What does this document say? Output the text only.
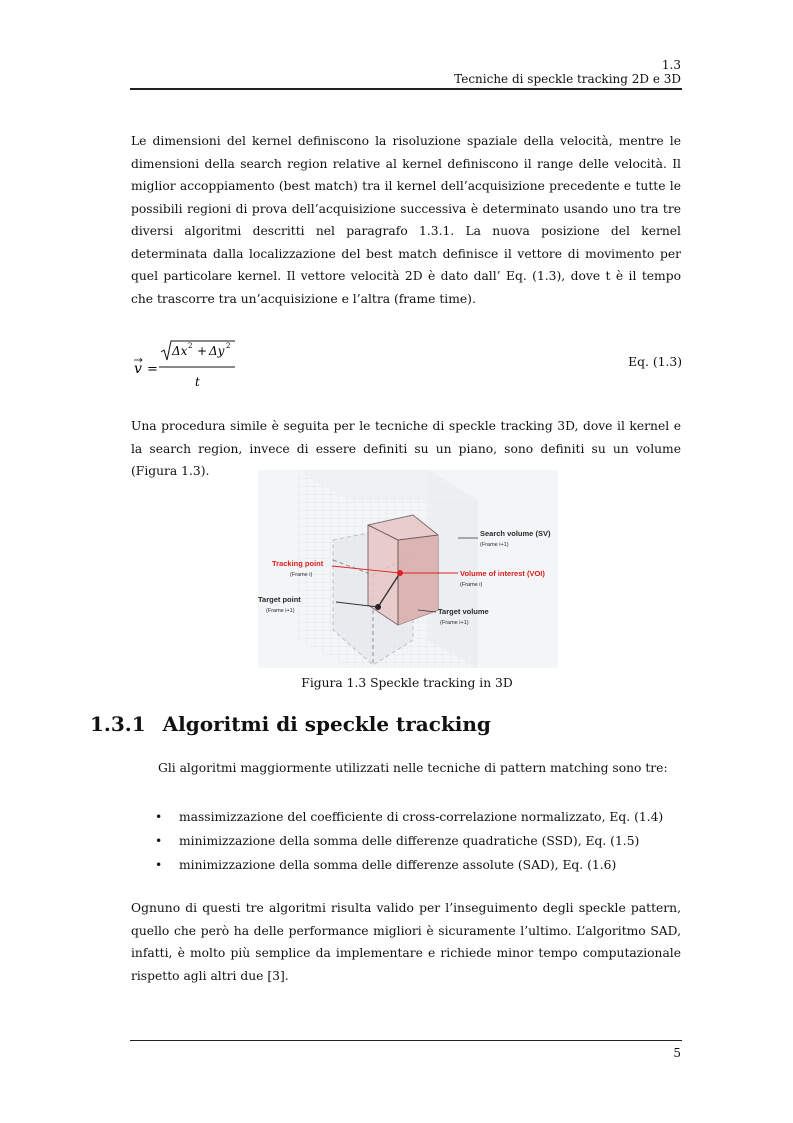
1.3
Tecniche di speckle tracking 2D e 3D

Le dimensioni del kernel definiscono la risoluzione spaziale della velocità, mentre le dimensioni della search region relative al kernel definiscono il range delle velocità. Il miglior accoppiamento (best match) tra il kernel dell’acquisizione precedente e tutte le possibili regioni di prova dell’acquisizione successiva è determinato usando uno tra tre diversi algoritmi descritti nel paragrafo 1.3.1. La nuova posizione del kernel determinata dalla localizzazione del best match definisce il vettore di movimento per quel particolare kernel. Il vettore velocità 2D è dato dall’ Eq. (1.3), dove t è il tempo che trascorre tra un’acquisizione e l’altra (frame time).

v =
Δx 2 + Δy 2
t
Eq. (1.3)

Una procedura simile è seguita per le tecniche di speckle tracking 3D, dove il kernel e la search region, invece di essere definiti su un piano, sono definiti su un volume (Figura 1.3).

Search volume (SV)
(Frame i+1)
Tracking point
(Frame i)	Volume of interest (VOI)
(Frame i)
Target point
(Frame i+1)	Target volume
(Frame i+1)
Figura 1.3 Speckle tracking in 3D
1.3.1 Algoritmi di speckle tracking
Gli algoritmi maggiormente utilizzati nelle tecniche di pattern matching sono tre:
•	massimizzazione del coefficiente di cross-correlazione normalizzato, Eq. (1.4)
•	minimizzazione della somma delle differenze quadratiche (SSD), Eq. (1.5)
•	minimizzazione della somma delle differenze assolute (SAD), Eq. (1.6)

Ognuno di questi tre algoritmi risulta valido per l’inseguimento degli speckle pattern, quello che però ha delle performance migliori è sicuramente l’ultimo. L’algoritmo SAD, infatti, è molto più semplice da implementare e richiede minor tempo computazionale rispetto agli altri due [3].

5
